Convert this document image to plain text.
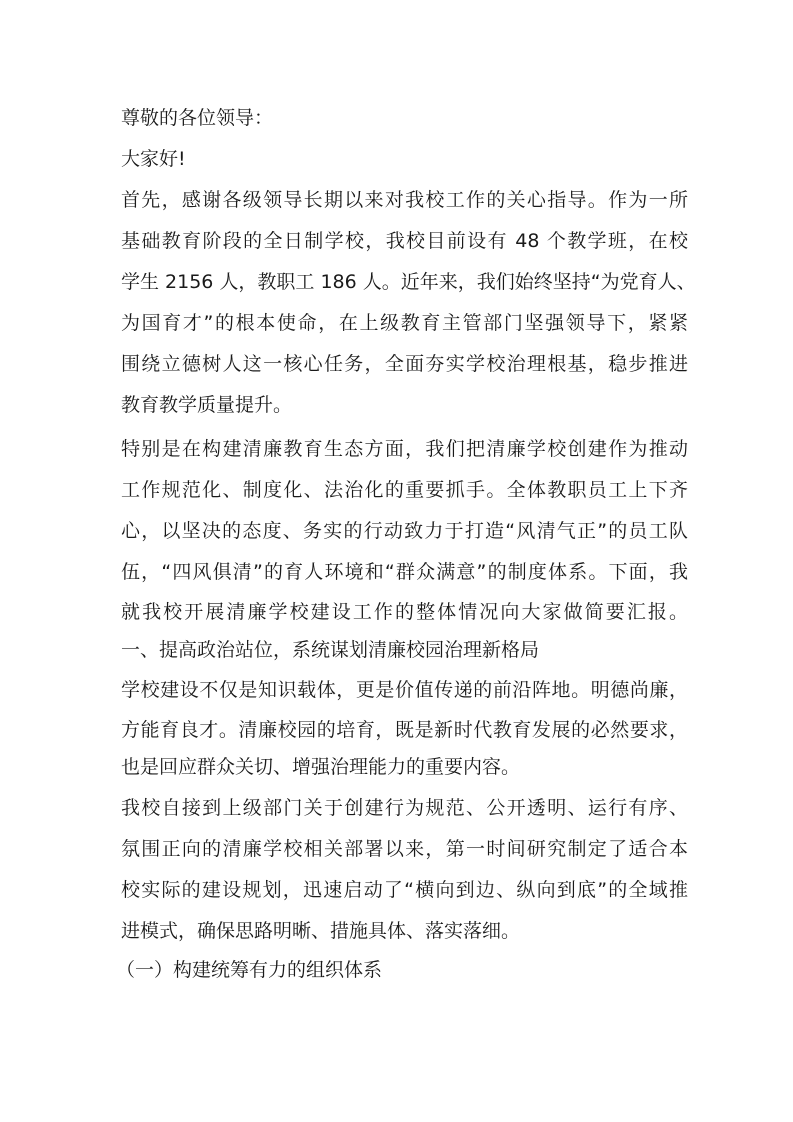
尊敬的各位领导：
大家好!
首先，感谢各级领导长期以来对我校工作的关心指导。作为一所
基础教育阶段的全日制学校，我校目前设有 48 个教学班，在校
学生 2156 人，教职工 186 人。近年来，我们始终坚持“为党育人、
为国育才”的根本使命，在上级教育主管部门坚强领导下，紧紧
围绕立德树人这一核心任务，全面夯实学校治理根基，稳步推进
教育教学质量提升。
特别是在构建清廉教育生态方面，我们把清廉学校创建作为推动
工作规范化、制度化、法治化的重要抓手。全体教职员工上下齐
心，以坚决的态度、务实的行动致力于打造“风清气正”的员工队
伍，“四风俱清”的育人环境和“群众满意”的制度体系。下面，我
就我校开展清廉学校建设工作的整体情况向大家做简要汇报。
一、提高政治站位，系统谋划清廉校园治理新格局
学校建设不仅是知识载体，更是价值传递的前沿阵地。明德尚廉，
方能育良才。清廉校园的培育，既是新时代教育发展的必然要求，
也是回应群众关切、增强治理能力的重要内容。
我校自接到上级部门关于创建行为规范、公开透明、运行有序、
氛围正向的清廉学校相关部署以来，第一时间研究制定了适合本
校实际的建设规划，迅速启动了“横向到边、纵向到底”的全域推
进模式，确保思路明晰、措施具体、落实落细。
（一）构建统筹有力的组织体系
